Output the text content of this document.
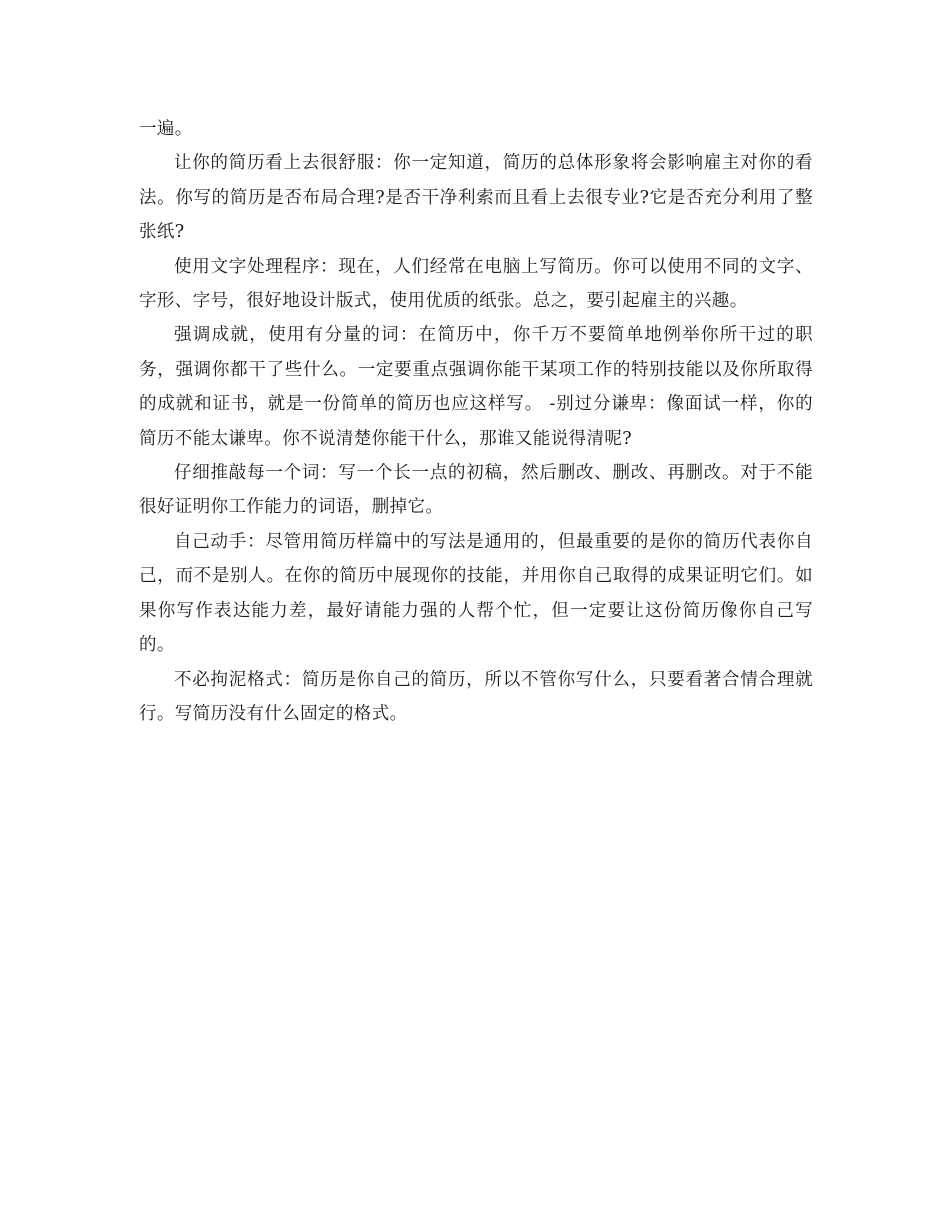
一遍。

让你的简历看上去很舒服：你一定知道，简历的总体形象将会影响雇主对你的看法。你写的简历是否布局合理?是否干净利索而且看上去很专业?它是否充分利用了整张纸?

使用文字处理程序：现在，人们经常在电脑上写简历。你可以使用不同的文字、字形、字号，很好地设计版式，使用优质的纸张。总之，要引起雇主的兴趣。

强调成就，使用有分量的词：在简历中，你千万不要简单地例举你所干过的职务，强调你都干了些什么。一定要重点强调你能干某项工作的特别技能以及你所取得的成就和证书，就是一份简单的简历也应这样写。 -别过分谦卑：像面试一样，你的简历不能太谦卑。你不说清楚你能干什么，那谁又能说得清呢?

仔细推敲每一个词：写一个长一点的初稿，然后删改、删改、再删改。对于不能很好证明你工作能力的词语，删掉它。

自己动手：尽管用简历样篇中的写法是通用的，但最重要的是你的简历代表你自己，而不是别人。在你的简历中展现你的技能，并用你自己取得的成果证明它们。如果你写作表达能力差，最好请能力强的人帮个忙，但一定要让这份简历像你自己写的。

不必拘泥格式：简历是你自己的简历，所以不管你写什么，只要看著合情合理就行。写简历没有什么固定的格式。
